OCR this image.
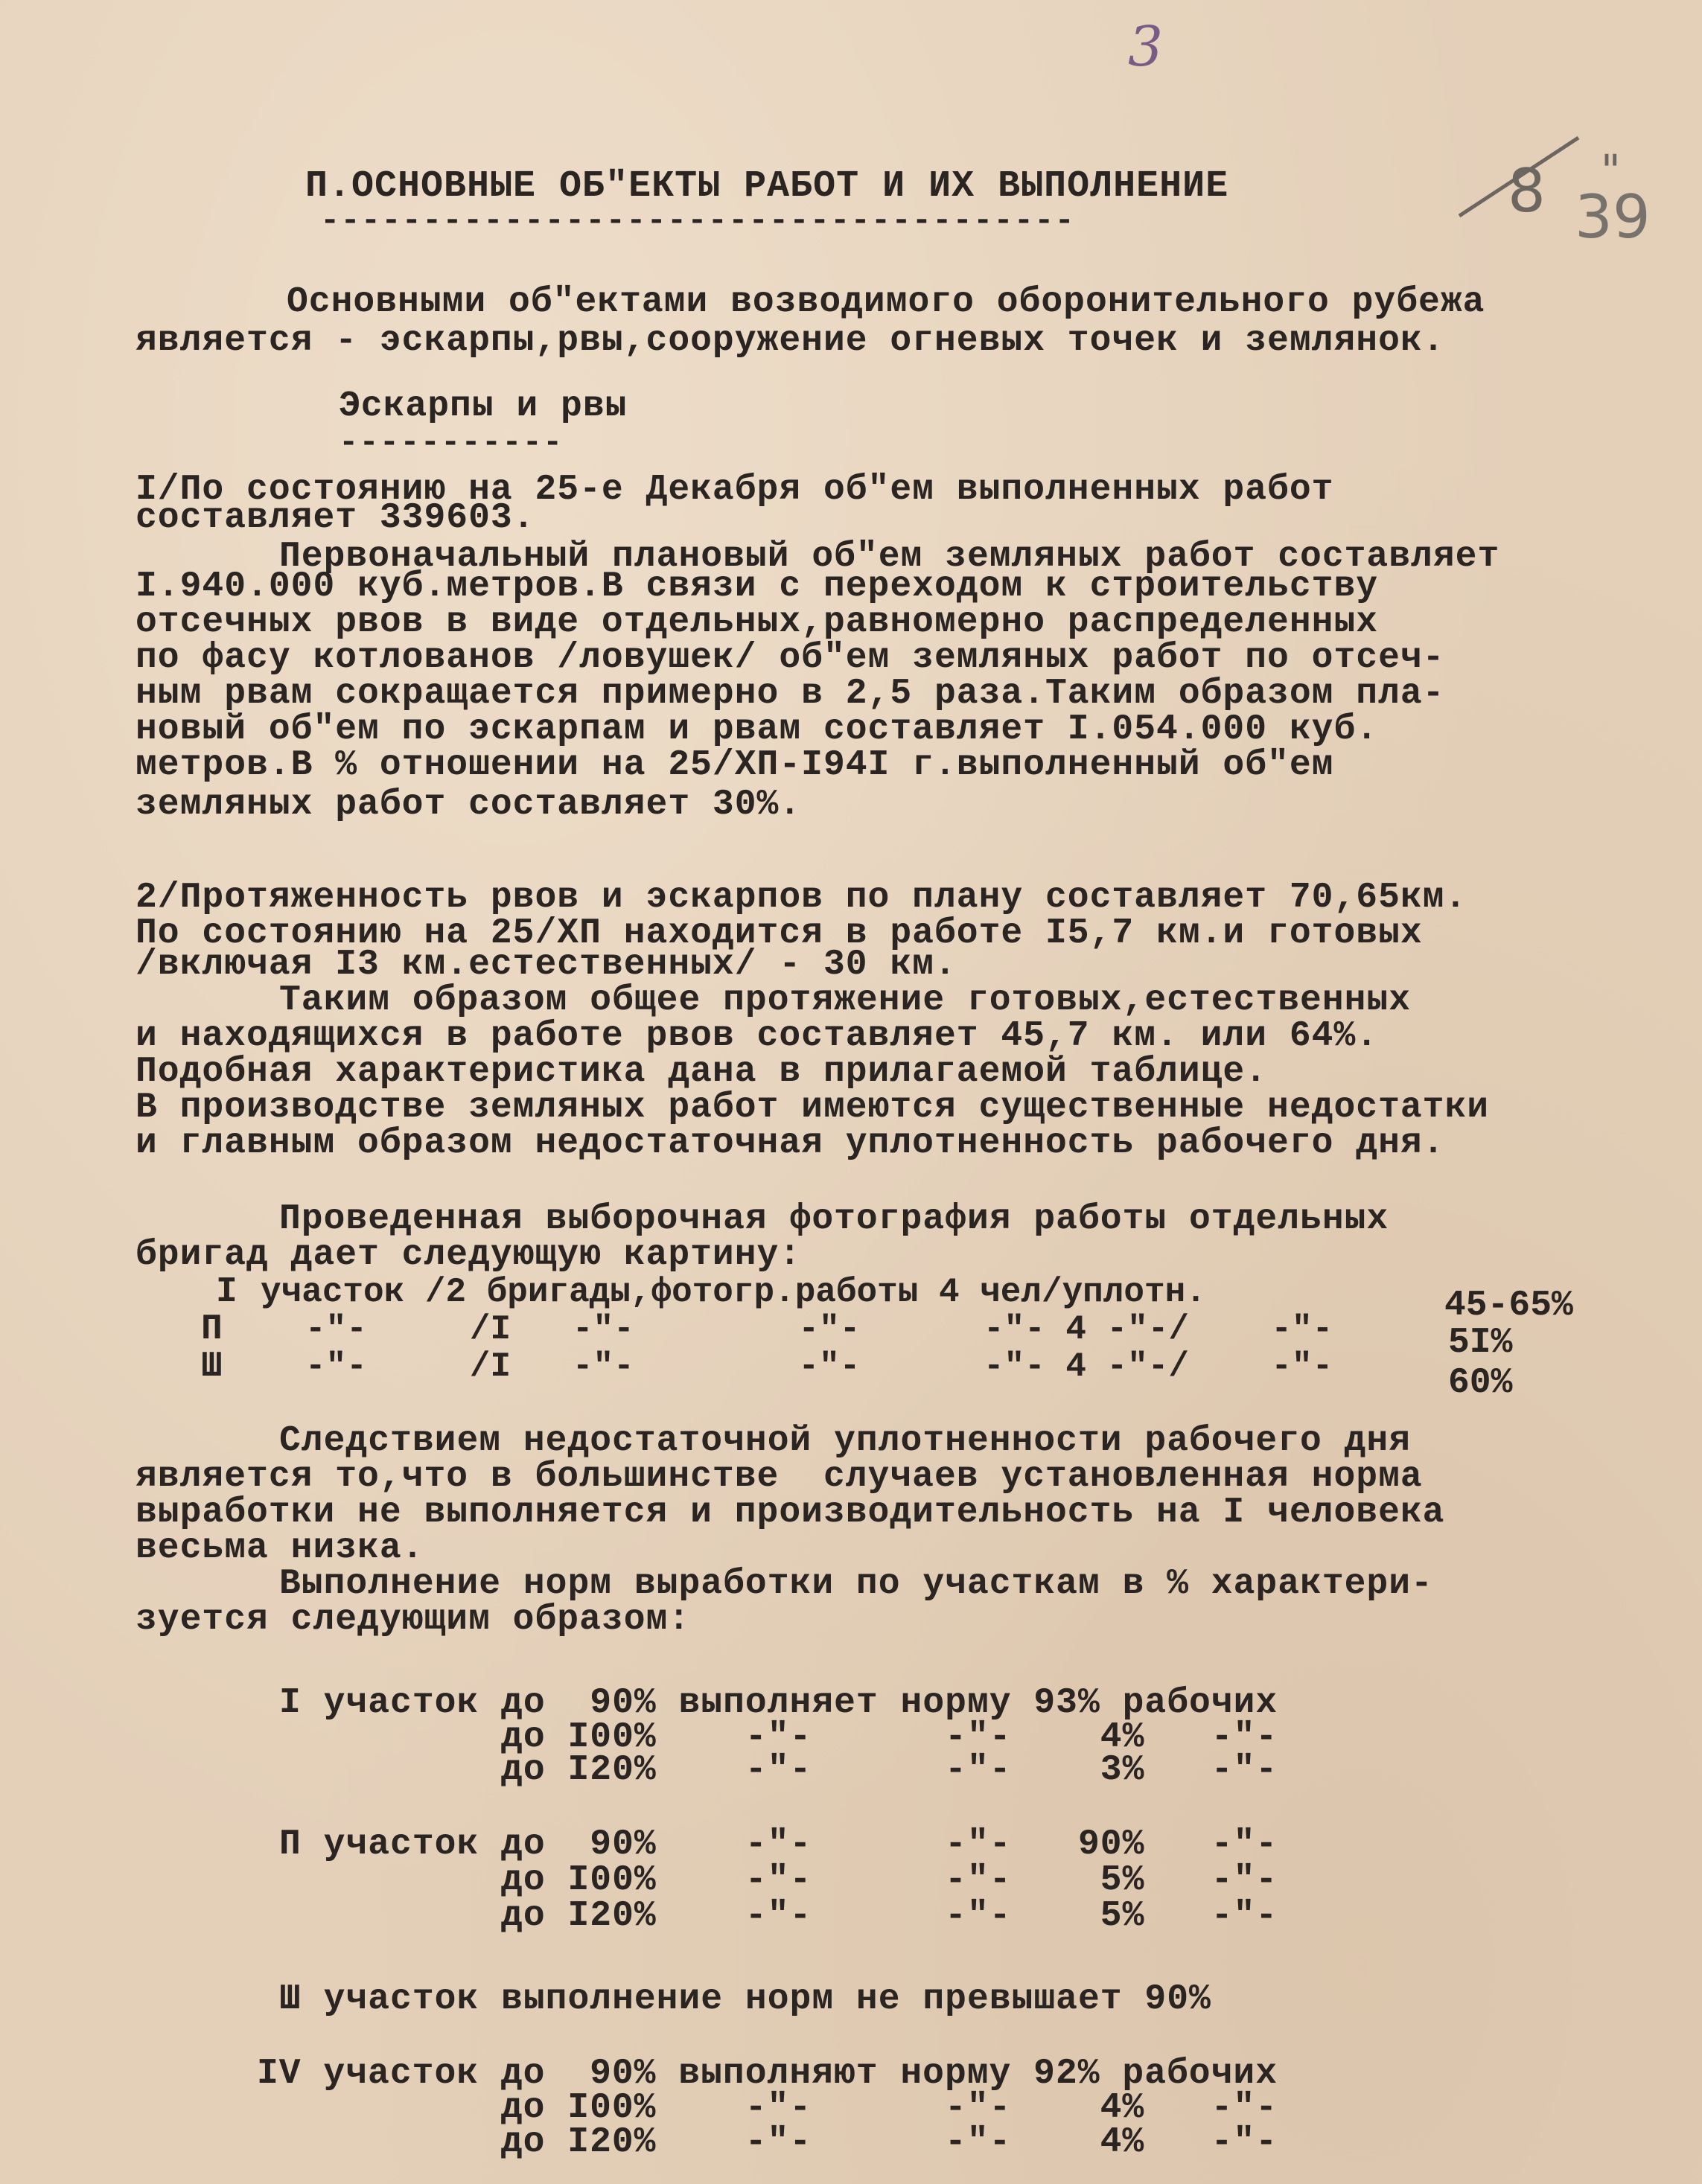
3
8 39
"
П.ОСНОВНЫЕ ОБ"ЕКТЫ РАБОТ И ИХ ВЫПОЛНЕНИЕ
-------------------------------------
Основными об"ектами возводимого оборонительного рубежа
является - эскарпы,рвы,сооружение огневых точек и землянок.
Эскарпы и рвы
-----------
I/По состоянию на 25-е Декабря об"ем выполненных работ
составляет 339603.
Первоначальный плановый об"ем земляных работ составляет
I.940.000 куб.метров.В связи с переходом к строительству
отсечных рвов в виде отдельных,равномерно распределенных
по фасу котлованов /ловушек/ об"ем земляных работ по отсеч-
ным рвам сокращается примерно в 2,5 раза.Таким образом пла-
новый об"ем по эскарпам и рвам составляет I.054.000 куб.
метров.В % отношении на 25/ХП-I94I г.выполненный об"ем
земляных работ составляет 30%.
2/Протяженность рвов и эскарпов по плану составляет 70,65км.
По состоянию на 25/ХП находится в работе I5,7 км.и готовых
/включая I3 км.естественных/ - 30 км.
Таким образом общее протяжение готовых,естественных
и находящихся в работе рвов составляет 45,7 км. или 64%.
Подобная характеристика дана в прилагаемой таблице.
В производстве земляных работ имеются существенные недостатки
и главным образом недостаточная уплотненность рабочего дня.
Проведенная выборочная фотография работы отдельных
бригад дает следующую картину:
I участок /2 бригады,фотогр.работы 4 чел/уплотн.	45-65%
П -"-     /I   -"-        -"-      -"- 4 -"-/    -"-	5I%
Ш -"-     /I   -"-        -"-      -"- 4 -"-/    -"-	60%
Следствием недостаточной уплотненности рабочего дня
является то,что в большинстве  случаев установленная норма
выработки не выполняется и производительность на I человека
весьма низка.
Выполнение норм выработки по участкам в % характери-
зуется следующим образом:
I участок до  90% выполняет норму 93% рабочих
до I00%    -"-      -"-    4%   -"-
до I20%    -"-      -"-    3%   -"-
П участок до  90%    -"-      -"-   90%   -"-
до I00%    -"-      -"-    5%   -"-
до I20%    -"-      -"-    5%   -"-
Ш участок выполнение норм не превышает 90%
IV участок до  90% выполняют норму 92% рабочих
до I00%    -"-      -"-    4%   -"-
до I20%    -"-      -"-    4%   -"-
